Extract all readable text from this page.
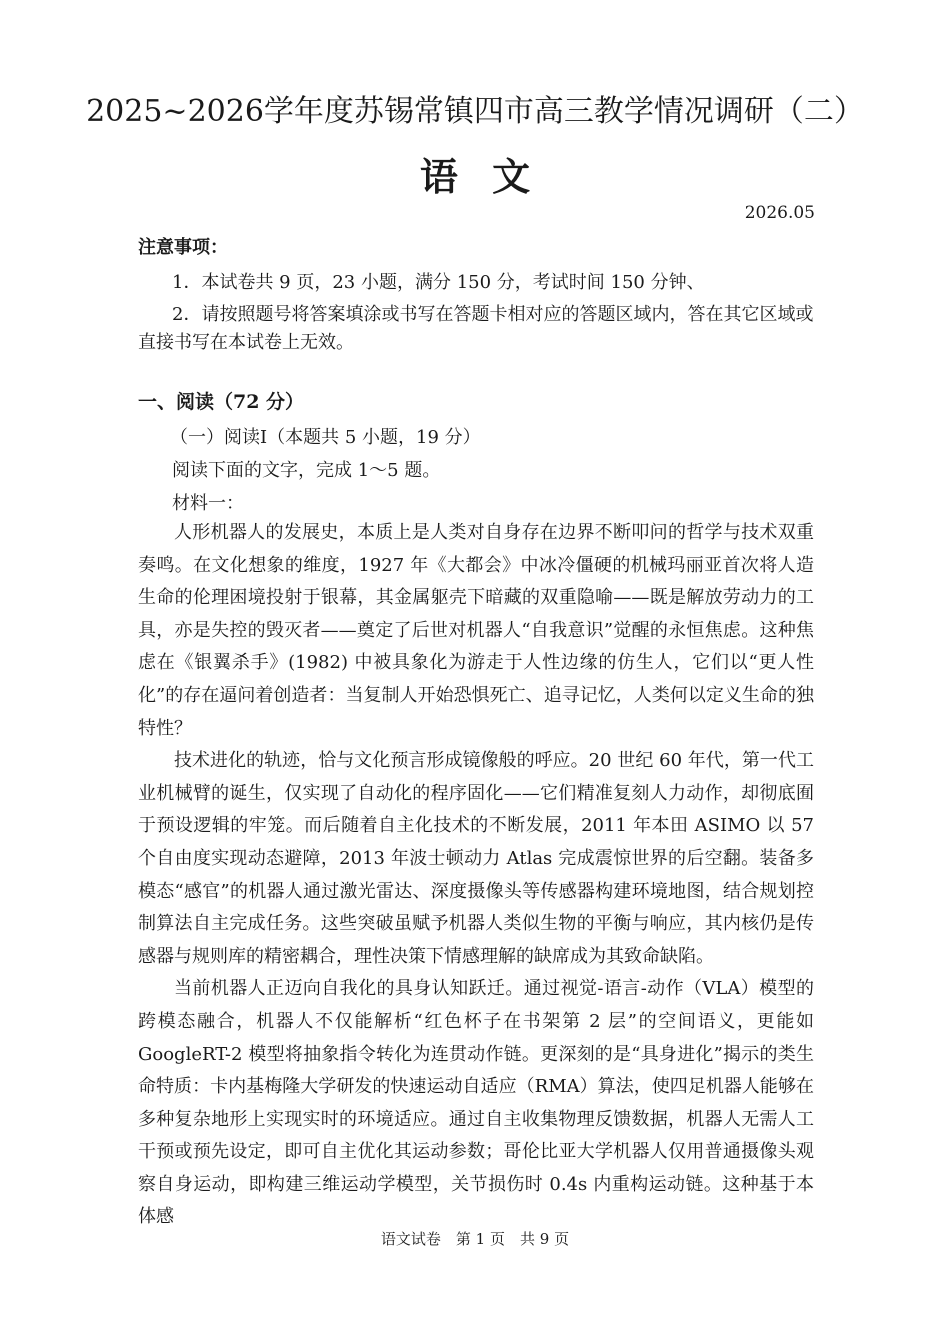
2025~2026学年度苏锡常镇四市高三教学情况调研（二）
语文
2026.05
注意事项：
1．本试卷共 9 页，23 小题，满分 150 分，考试时间 150 分钟、
2．请按照题号将答案填涂或书写在答题卡相对应的答题区域内，答在其它区域或
直接书写在本试卷上无效。
一、阅读（72 分）
（一）阅读Ⅰ（本题共 5 小题，19 分）
阅读下面的文字，完成 1～5 题。
材料一：

人形机器人的发展史，本质上是人类对自身存在边界不断叩问的哲学与技术双重奏鸣。在文化想象的维度，1927 年《大都会》中冰冷僵硬的机械玛丽亚首次将人造生命的伦理困境投射于银幕，其金属躯壳下暗藏的双重隐喻——既是解放劳动力的工具，亦是失控的毁灭者——奠定了后世对机器人“自我意识”觉醒的永恒焦虑。这种焦虑在《银翼杀手》(1982) 中被具象化为游走于人性边缘的仿生人，它们以“更人性化”的存在逼问着创造者：当复制人开始恐惧死亡、追寻记忆，人类何以定义生命的独特性？

技术进化的轨迹，恰与文化预言形成镜像般的呼应。20 世纪 60 年代，第一代工业机械臂的诞生，仅实现了自动化的程序固化——它们精准复刻人力动作，却彻底囿于预设逻辑的牢笼。而后随着自主化技术的不断发展，2011 年本田 ASIMO 以 57 个自由度实现动态避障，2013 年波士顿动力 Atlas 完成震惊世界的后空翻。装备多模态“感官”的机器人通过激光雷达、深度摄像头等传感器构建环境地图，结合规划控制算法自主完成任务。这些突破虽赋予机器人类似生物的平衡与响应，其内核仍是传感器与规则库的精密耦合，理性决策下情感理解的缺席成为其致命缺陷。

当前机器人正迈向自我化的具身认知跃迁。通过视觉-语言-动作（VLA）模型的跨模态融合，机器人不仅能解析“红色杯子在书架第 2 层”的空间语义，更能如 GoogleRT-2 模型将抽象指令转化为连贯动作链。更深刻的是“具身进化”揭示的类生命特质：卡内基梅隆大学研发的快速运动自适应（RMA）算法，使四足机器人能够在多种复杂地形上实现实时的环境适应。通过自主收集物理反馈数据，机器人无需人工干预或预先设定，即可自主优化其运动参数；哥伦比亚大学机器人仅用普通摄像头观察自身运动，即构建三维运动学模型，关节损伤时 0.4s 内重构运动链。这种基于本体感

语文试卷　第 1 页　共 9 页
